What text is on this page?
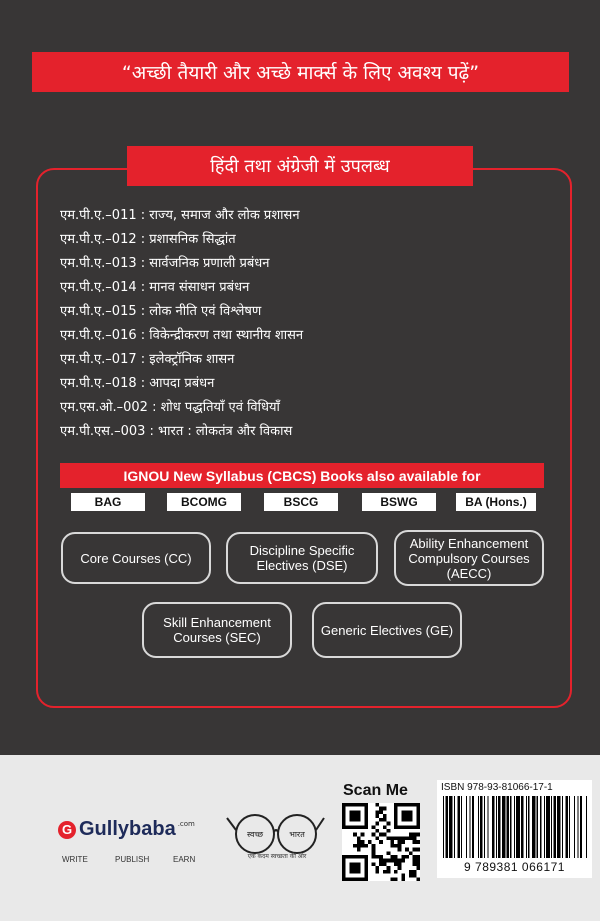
“अच्छी तैयारी और अच्छे मार्क्स के लिए अवश्य पढ़ें”
हिंदी तथा अंग्रेजी में उपलब्ध
एम.पी.ए.–011 : राज्य, समाज और लोक प्रशासन
एम.पी.ए.–012 : प्रशासनिक सिद्धांत
एम.पी.ए.–013 : सार्वजनिक प्रणाली प्रबंधन
एम.पी.ए.–014 : मानव संसाधन प्रबंधन
एम.पी.ए.–015 : लोक नीति एवं विश्लेषण
एम.पी.ए.–016 : विकेन्द्रीकरण तथा स्थानीय शासन
एम.पी.ए.–017 : इलेक्ट्रॉनिक शासन
एम.पी.ए.–018 : आपदा प्रबंधन
एम.एस.ओ.–002 : शोध पद्धतियाँ एवं विधियाँ
एम.पी.एस.–003 : भारत : लोकतंत्र और विकास
IGNOU New Syllabus (CBCS) Books also available for
BAG	BCOMG	BSCG	BSWG	BA (Hons.)
Core Courses (CC)	Discipline Specific Electives (DSE)
Ability Enhancement Compulsory Courses (AECC)
Skill Enhancement Courses (SEC)	Generic Electives (GE)
G Gullybaba .com
WRITE	PUBLISH	EARN
स्वच्छ	भारत
एक कदम स्वच्छता की ओर
Scan Me	ISBN 978-93-81066-17-1
9 789381 066171
